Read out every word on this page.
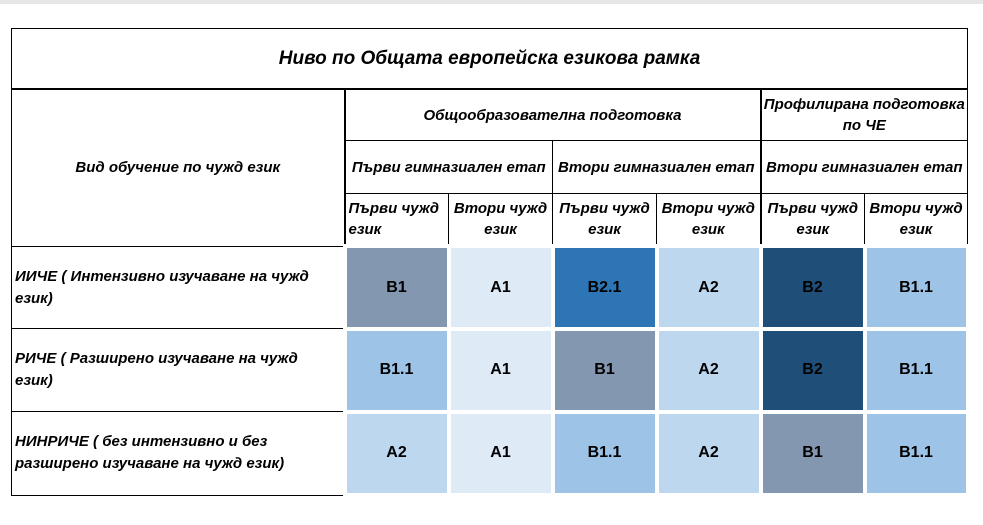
Ниво по Общата европейска езикова рамка						
Вид обучение по чужд език	Общообразователна подготовка				Профилирана подготовка по ЧЕ	
	Първи гимназиален етап		Втори гимназиален етап		Втори гимназиален етап	
	Първи чужд език	Втори чужд език	Първи чужд език	Втори чужд език	Първи чужд език	Втори чужд език
ИИЧЕ ( Интензивно изучаване на чужд език)	B1	A1	B2.1	A2	B2	B1.1
РИЧЕ ( Разширено изучаване на чужд език)	B1.1	A1	B1	A2	B2	B1.1
НИНРИЧЕ ( без интензивно и без разширено изучаване на чужд език)	A2	A1	B1.1	A2	B1	B1.1
